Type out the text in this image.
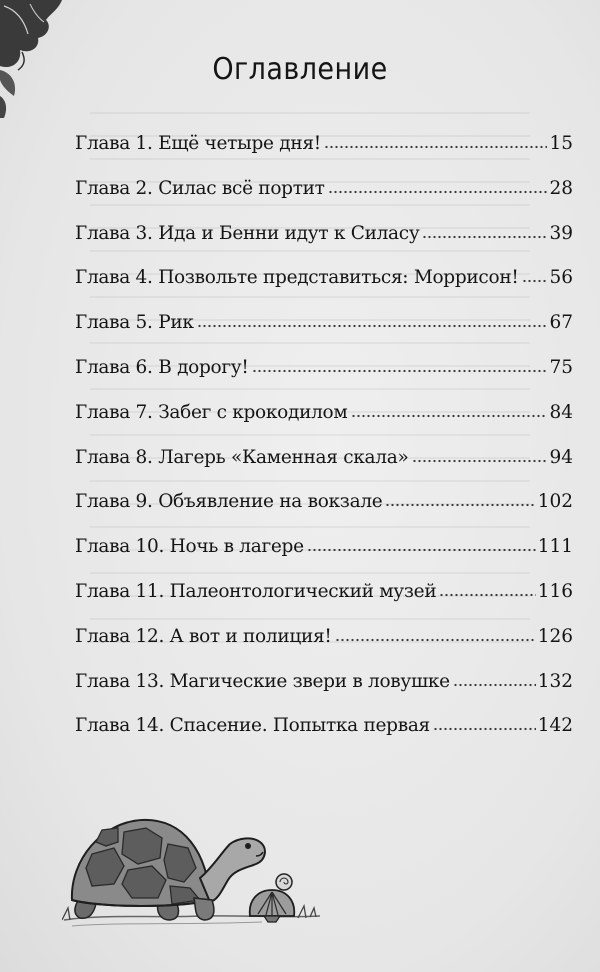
Оглавление
Глава 1. Ещё четыре дня!	15
Глава 2. Силас всё портит	28
Глава 3. Ида и Бенни идут к Силасу	39
Глава 4. Позвольте представиться: Моррисон! 56
Глава 5. Рик	67
Глава 6. В дорогу!	75
Глава 7. Забег с крокодилом	84
Глава 8. Лагерь «Каменная скала»	94
Глава 9. Объявление на вокзале	102
Глава 10. Ночь в лагере	111
Глава 11. Палеонтологический музей	116
Глава 12. А вот и полиция!	126
Глава 13. Магические звери в ловушке	132
Глава 14. Спасение. Попытка первая	142
